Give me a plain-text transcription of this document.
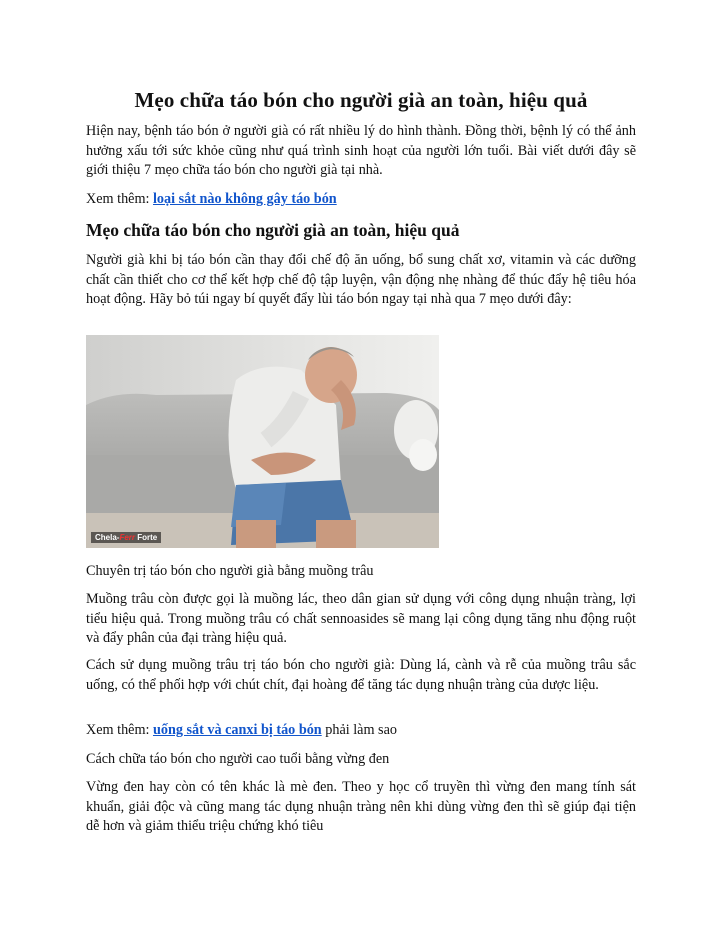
Mẹo chữa táo bón cho người già an toàn, hiệu quả

Hiện nay, bệnh táo bón ở người già có rất nhiều lý do hình thành. Đồng thời, bệnh lý có thể ảnh hưởng xấu tới sức khỏe cũng như quá trình sinh hoạt của người lớn tuổi. Bài viết dưới đây sẽ giới thiệu 7 mẹo chữa táo bón cho người già tại nhà.

Xem thêm: loại sắt nào không gây táo bón

Mẹo chữa táo bón cho người già an toàn, hiệu quả

Người già khi bị táo bón cần thay đổi chế độ ăn uống, bổ sung chất xơ, vitamin và các dưỡng chất cần thiết cho cơ thể kết hợp chế độ tập luyện, vận động nhẹ nhàng để thúc đẩy hệ tiêu hóa hoạt động. Hãy bỏ túi ngay bí quyết đẩy lùi táo bón ngay tại nhà qua 7 mẹo dưới đây:

Chela-Ferr Forte

Chuyên trị táo bón cho người già bằng muồng trâu

Muồng trâu còn được gọi là muồng lác, theo dân gian sử dụng với công dụng nhuận tràng, lợi tiểu hiệu quả. Trong muồng trâu có chất sennoasides sẽ mang lại công dụng tăng nhu động ruột và đẩy phân của đại tràng hiệu quả.

Cách sử dụng muồng trâu trị táo bón cho người già: Dùng lá, cành và rễ của muồng trâu sắc uống, có thể phối hợp với chút chít, đại hoàng để tăng tác dụng nhuận tràng của dược liệu.

Xem thêm: uống sắt và canxi bị táo bón phải làm sao

Cách chữa táo bón cho người cao tuổi bằng vừng đen

Vừng đen hay còn có tên khác là mè đen. Theo y học cổ truyền thì vừng đen mang tính sát khuẩn, giải độc và cũng mang tác dụng nhuận tràng nên khi dùng vừng đen thì sẽ giúp đại tiện dễ hơn và giảm thiểu triệu chứng khó tiêu
